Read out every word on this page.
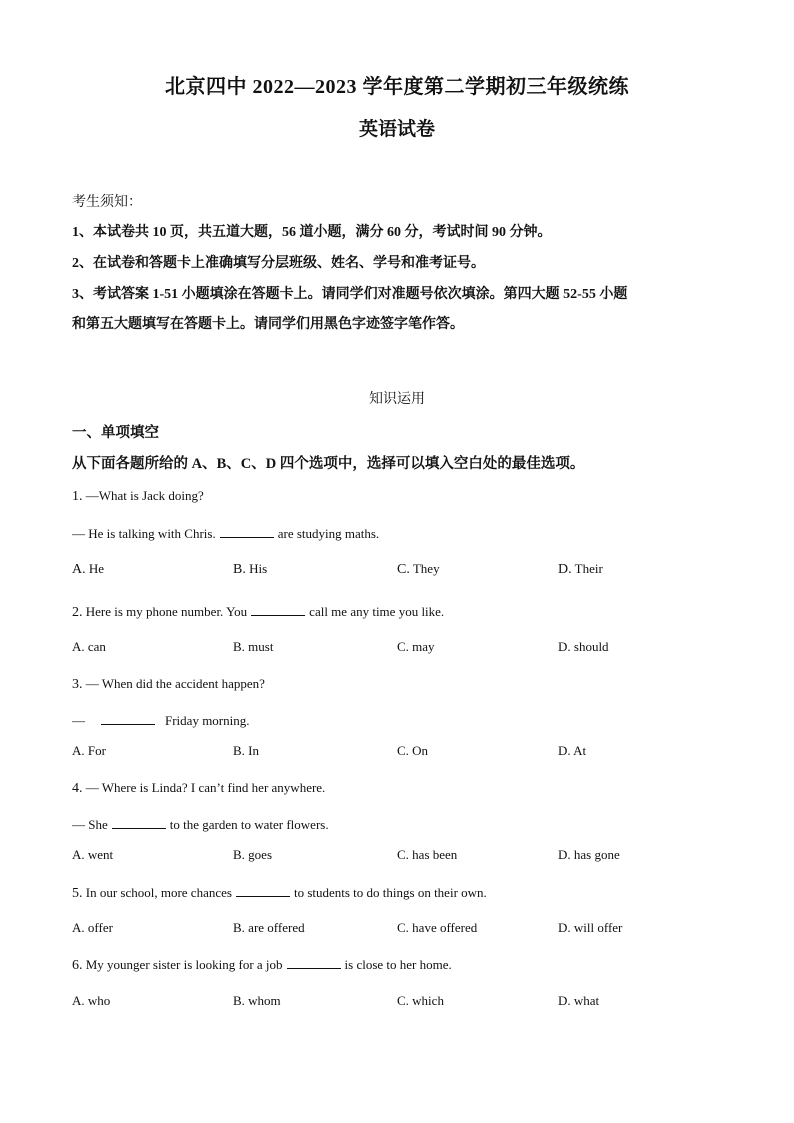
北京四中 2022—2023 学年度第二学期初三年级统练
英语试卷
考生须知：
1、本试卷共 10 页，共五道大题，56 道小题，满分 60 分，考试时间 90 分钟。
2、在试卷和答题卡上准确填写分层班级、姓名、学号和准考证号。
3、考试答案 1-51 小题填涂在答题卡上。请同学们对准题号依次填涂。第四大题 52-55 小题
和第五大题填写在答题卡上。请同学们用黑色字迹签字笔作答。
知识运用
一、单项填空
从下面各题所给的 A、B、C、D 四个选项中，选择可以填入空白处的最佳选项。
1. —What is Jack doing?
— He is talking with Chris.	are studying maths.
A. He	B. His	C. They	D. Their
2. Here is my phone number. You	call me any time you like.
A. can	B. must	C. may	D. should
3. — When did the accident happen?
—	Friday morning.
A. For	B. In	C. On	D. At
4. — Where is Linda? I can’t find her anywhere.
— She	to the garden to water flowers.
A. went	B. goes	C. has been	D. has gone
5. In our school, more chances	to students to do things on their own.
A. offer	B. are offered	C. have offered	D. will offer
6. My younger sister is looking for a job	is close to her home.
A. who	B. whom	C. which	D. what
